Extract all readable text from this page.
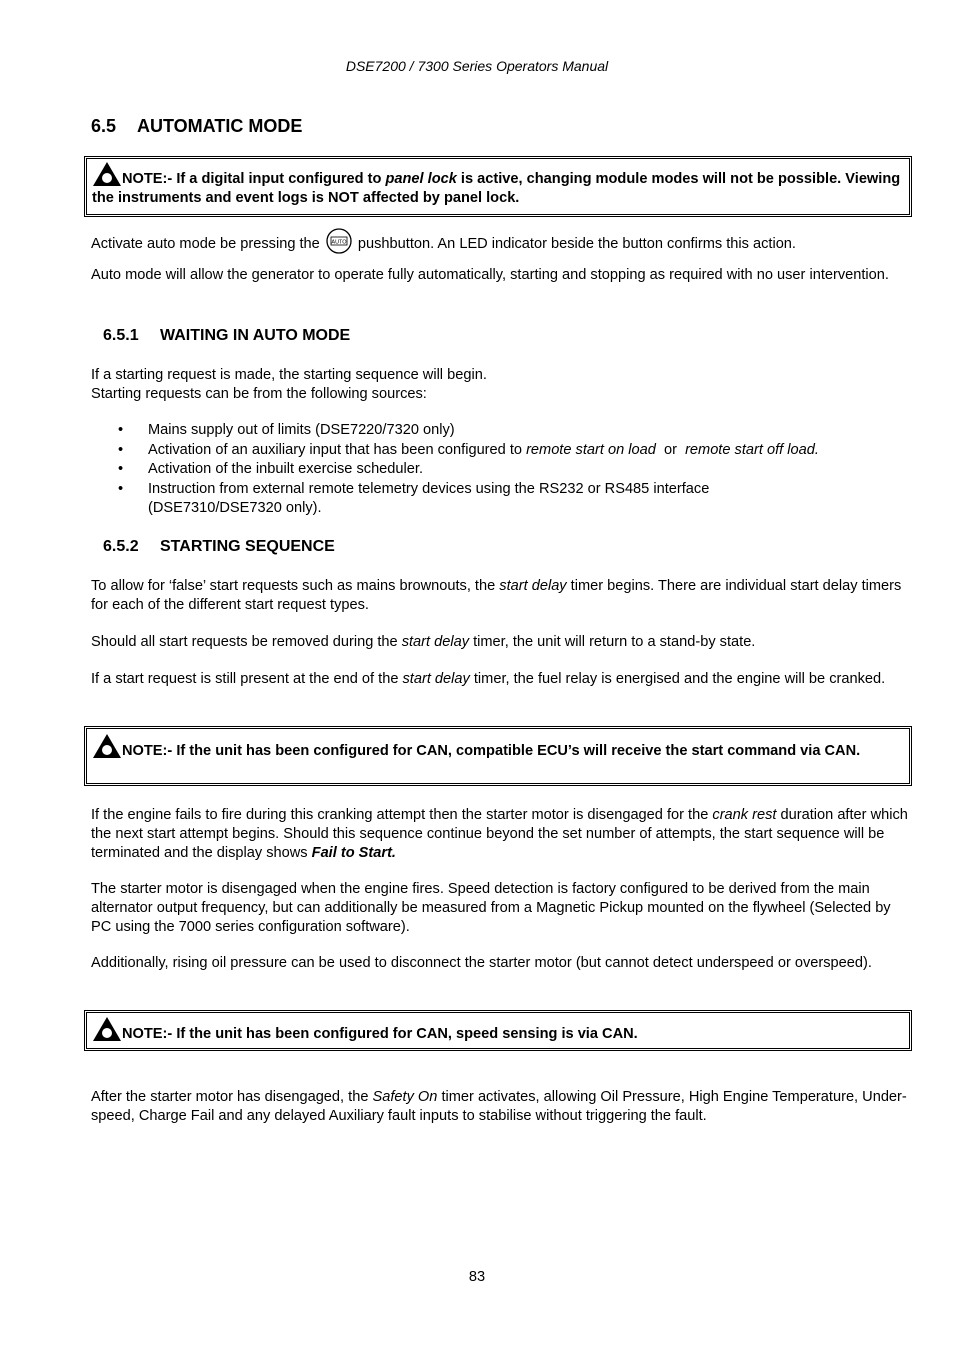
DSE7200 / 7300 Series Operators Manual
6.5 AUTOMATIC MODE
NOTE:- If a digital input configured to panel lock is active, changing module modes will not be possible. Viewing the instruments and event logs is NOT affected by panel lock.
Activate auto mode be pressing the AUTO pushbutton. An LED indicator beside the button confirms this action.
Auto mode will allow the generator to operate fully automatically, starting and stopping as required with no user intervention.
6.5.1 WAITING IN AUTO MODE
If a starting request is made, the starting sequence will begin.
Starting requests can be from the following sources:
• Mains supply out of limits (DSE7220/7320 only)
• Activation of an auxiliary input that has been configured to remote start on load  or  remote start off load.
• Activation of the inbuilt exercise scheduler.
• Instruction from external remote telemetry devices using the RS232 or RS485 interface (DSE7310/DSE7320 only).
6.5.2 STARTING SEQUENCE
To allow for ‘false’ start requests such as mains brownouts, the start delay timer begins. There are individual start delay timers for each of the different start request types.
Should all start requests be removed during the start delay timer, the unit will return to a stand-by state.
If a start request is still present at the end of the start delay timer, the fuel relay is energised and the engine will be cranked.
NOTE:- If the unit has been configured for CAN, compatible ECU’s will receive the start command via CAN.
If the engine fails to fire during this cranking attempt then the starter motor is disengaged for the crank rest duration after which the next start attempt begins. Should this sequence continue beyond the set number of attempts, the start sequence will be terminated and the display shows Fail to Start.
The starter motor is disengaged when the engine fires. Speed detection is factory configured to be derived from the main alternator output frequency, but can additionally be measured from a Magnetic Pickup mounted on the flywheel (Selected by PC using the 7000 series configuration software).
Additionally, rising oil pressure can be used to disconnect the starter motor (but cannot detect underspeed or overspeed).
NOTE:- If the unit has been configured for CAN, speed sensing is via CAN.
After the starter motor has disengaged, the Safety On timer activates, allowing Oil Pressure, High Engine Temperature, Under-speed, Charge Fail and any delayed Auxiliary fault inputs to stabilise without triggering the fault.
83
